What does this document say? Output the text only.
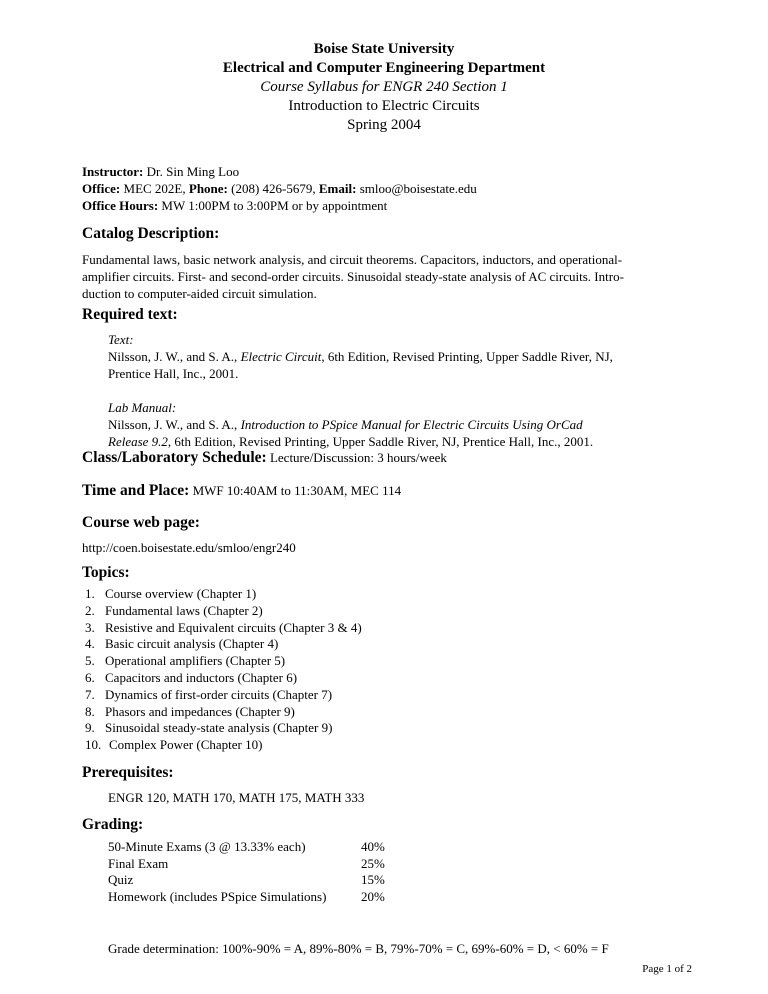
Boise State University
Electrical and Computer Engineering Department
Course Syllabus for ENGR 240 Section 1
Introduction to Electric Circuits
Spring 2004
Instructor: Dr. Sin Ming Loo
Office: MEC 202E, Phone: (208) 426-5679, Email: smloo@boisestate.edu
Office Hours: MW 1:00PM to 3:00PM or by appointment
Catalog Description:
Fundamental laws, basic network analysis, and circuit theorems. Capacitors, inductors, and operational-
amplifier circuits. First- and second-order circuits. Sinusoidal steady-state analysis of AC circuits. Intro-
duction to computer-aided circuit simulation.
Required text:
Text:
Nilsson, J. W., and S. A., Electric Circuit, 6th Edition, Revised Printing, Upper Saddle River, NJ,
Prentice Hall, Inc., 2001.
Lab Manual:
Nilsson, J. W., and S. A., Introduction to PSpice Manual for Electric Circuits Using OrCad
Release 9.2, 6th Edition, Revised Printing, Upper Saddle River, NJ, Prentice Hall, Inc., 2001.
Class/Laboratory Schedule: Lecture/Discussion: 3 hours/week
Time and Place: MWF 10:40AM to 11:30AM, MEC 114
Course web page:
http://coen.boisestate.edu/smloo/engr240
Topics:
1. Course overview (Chapter 1)
2. Fundamental laws (Chapter 2)
3. Resistive and Equivalent circuits (Chapter 3 & 4)
4. Basic circuit analysis (Chapter 4)
5. Operational amplifiers (Chapter 5)
6. Capacitors and inductors (Chapter 6)
7. Dynamics of first-order circuits (Chapter 7)
8. Phasors and impedances (Chapter 9)
9. Sinusoidal steady-state analysis (Chapter 9)
10. Complex Power (Chapter 10)
Prerequisites:
ENGR 120, MATH 170, MATH 175, MATH 333
Grading:
50-Minute Exams (3 @ 13.33% each)	40%
Final Exam	25%
Quiz	15%
Homework (includes PSpice Simulations)	20%
Grade determination: 100%-90% = A, 89%-80% = B, 79%-70% = C, 69%-60% = D, < 60% = F
Page 1 of 2
